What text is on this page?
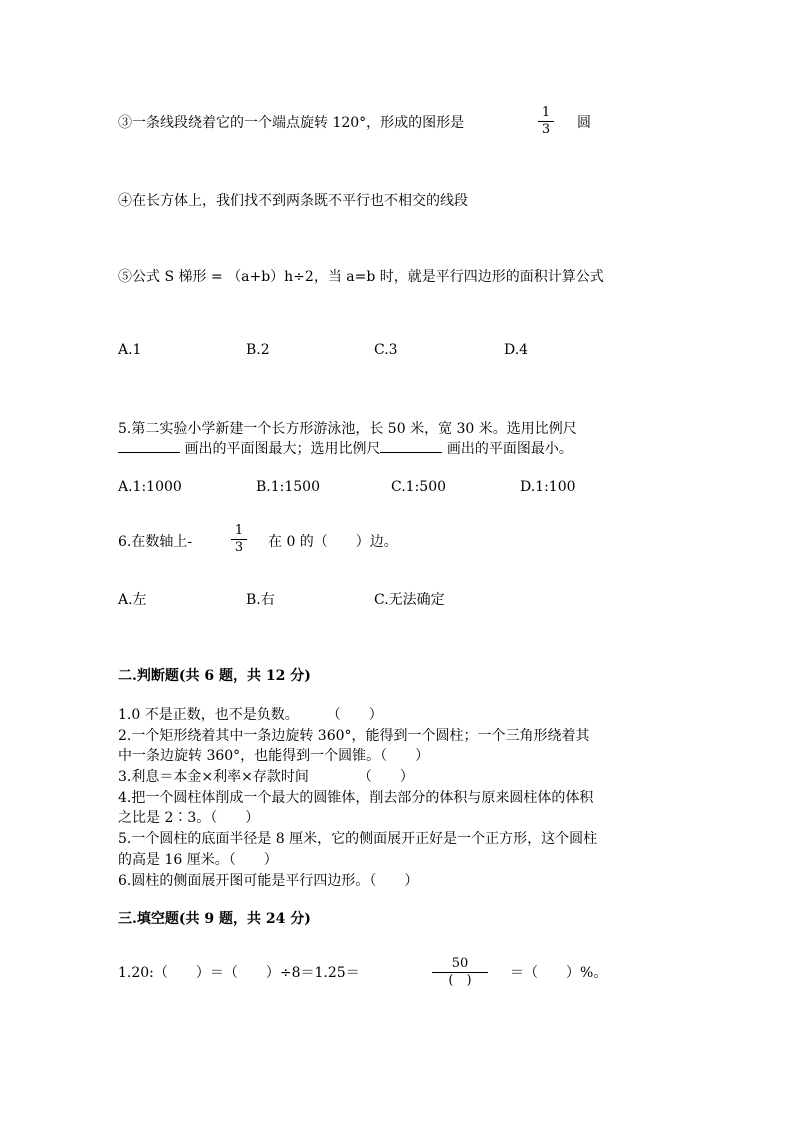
③一条线段绕着它的一个端点旋转 120°，形成的图形是
1
3 圆
④在长方体上，我们找不到两条既不平行也不相交的线段
⑤公式 S 梯形 = （a+b）h÷2，当 a=b 时，就是平行四边形的面积计算公式
A.1	B.2	C.3	D.4
5.第二实验小学新建一个长方形游泳池，长 50 米，宽 30 米。选用比例尺
画出的平面图最大；选用比例尺	画出的平面图最小。
A.1:1000	B.1:1500	C.1:500	D.1:100
6.在数轴上-
1
3 在 0 的（　　）边。
A.左	B.右	C.无法确定
二.判断题(共 6 题，共 12 分)
1.0 不是正数，也不是负数。　　　（　　）
2.一个矩形绕着其中一条边旋转 360°，能得到一个圆柱；一个三角形绕着其
中一条边旋转 360°，也能得到一个圆锥。（　　）
3.利息＝本金×利率×存款时间　　　　（　　）
4.把一个圆柱体削成一个最大的圆锥体，削去部分的体积与原来圆柱体的体积
之比是 2∶3。（　　）
5.一个圆柱的底面半径是 8 厘米，它的侧面展开正好是一个正方形，这个圆柱
的高是 16 厘米。（　　）
6.圆柱的侧面展开图可能是平行四边形。（　　）
三.填空题(共 9 题，共 24 分)
1.20:（　　）＝（　　）÷8＝1.25＝
50
(　)	＝（　　）%。
